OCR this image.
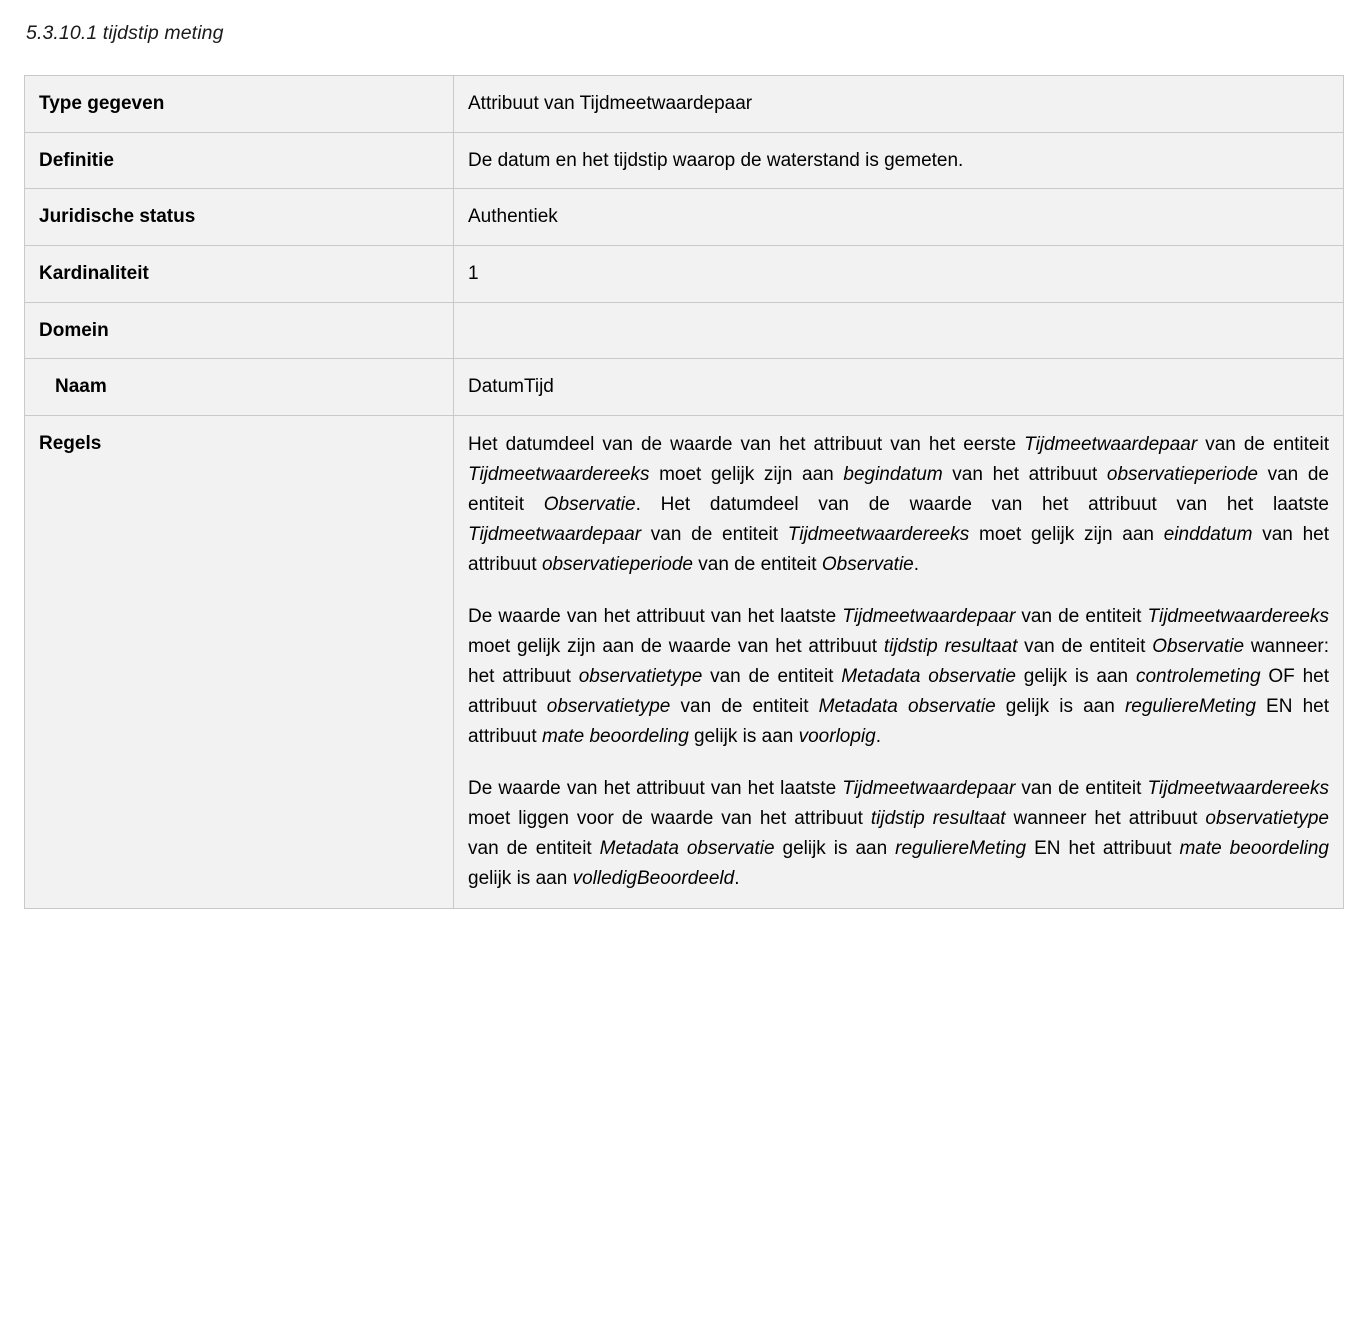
5.3.10.1 tijdstip meting
Type gegeven	Attribuut van Tijdmeetwaardepaar
Definitie	De datum en het tijdstip waarop de waterstand is gemeten.
Juridische status	Authentiek
Kardinaliteit	1
Domein	
Naam	DatumTijd
Regels	Het datumdeel van de waarde van het attribuut van het eerste Tijdmeetwaardepaar van de entiteit Tijdmeetwaardereeks moet gelijk zijn aan begindatum van het attribuut observatieperiode van de entiteit Observatie. Het datumdeel van de waarde van het attribuut van het laatste Tijdmeetwaardepaar van de entiteit Tijdmeetwaardereeks moet gelijk zijn aan einddatum van het attribuut observatieperiode van de entiteit Observatie.

De waarde van het attribuut van het laatste Tijdmeetwaardepaar van de entiteit Tijdmeetwaardereeks moet gelijk zijn aan de waarde van het attribuut tijdstip resultaat van de entiteit Observatie wanneer: het attribuut observatietype van de entiteit Metadata observatie gelijk is aan controlemeting OF het attribuut observatietype van de entiteit Metadata observatie gelijk is aan reguliereMeting EN het attribuut mate beoordeling gelijk is aan voorlopig.

De waarde van het attribuut van het laatste Tijdmeetwaardepaar van de entiteit Tijdmeetwaardereeks moet liggen voor de waarde van het attribuut tijdstip resultaat wanneer het attribuut observatietype van de entiteit Metadata observatie gelijk is aan reguliereMeting EN het attribuut mate beoordeling gelijk is aan volledigBeoordeeld.
